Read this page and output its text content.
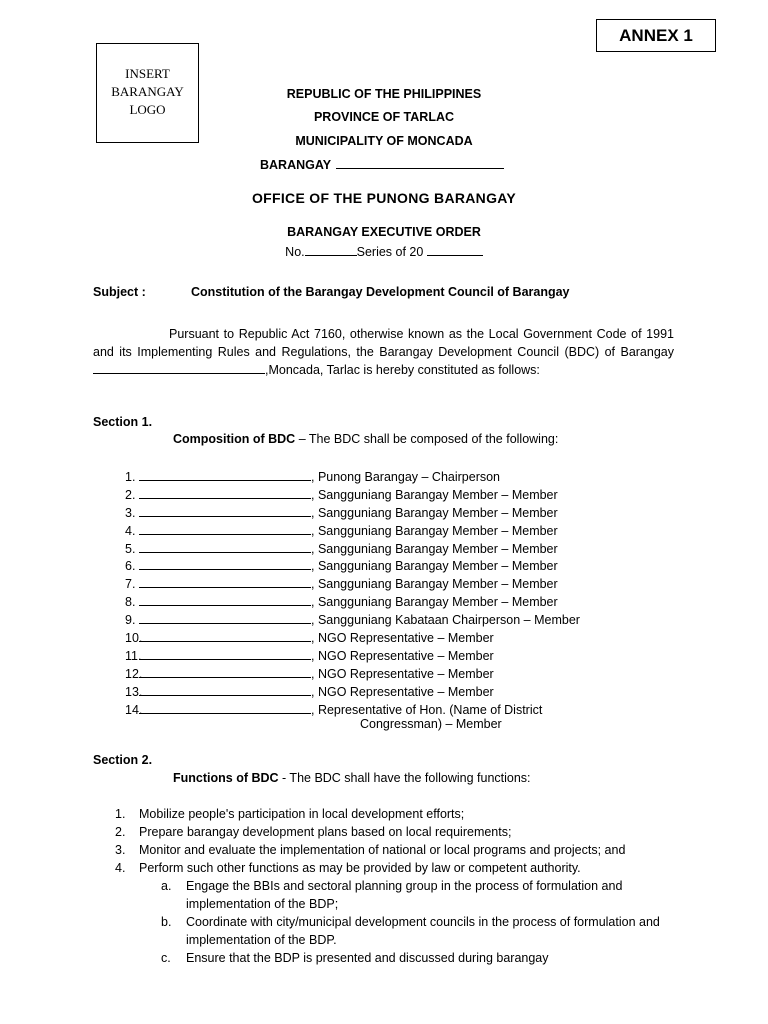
ANNEX 1
INSERT
BARANGAY
LOGO
REPUBLIC OF THE PHILIPPINES
PROVINCE OF TARLAC
MUNICIPALITY OF MONCADA
BARANGAY
OFFICE OF THE PUNONG BARANGAY
BARANGAY EXECUTIVE ORDER
No.	Series of 20
Subject :	Constitution of the Barangay Development Council of Barangay
Pursuant to Republic Act 7160, otherwise known as the Local Government Code of 1991 and its Implementing Rules and Regulations, the Barangay Development Council (BDC) of Barangay,Moncada, Tarlac is hereby constituted as follows:
Section 1.
Composition of BDC – The BDC shall be composed of the following:
1.	, Punong Barangay – Chairperson
2.	, Sangguniang Barangay Member – Member
3.	, Sangguniang Barangay Member – Member
4.	, Sangguniang Barangay Member – Member
5.	, Sangguniang Barangay Member – Member
6.	, Sangguniang Barangay Member – Member
7.	, Sangguniang Barangay Member – Member
8.	, Sangguniang Barangay Member – Member
9.	, Sangguniang Kabataan Chairperson – Member
10.	, NGO Representative – Member
11.	, NGO Representative – Member
12.	, NGO Representative – Member
13.	, NGO Representative – Member
14.	, Representative of Hon. (Name of District
Congressman) – Member
Section 2.
Functions of BDC - The BDC shall have the following functions:
1. Mobilize people's participation in local development efforts;
2. Prepare barangay development plans based on local requirements;
3. Monitor and evaluate the implementation of national or local programs and projects; and
4. Perform such other functions as may be provided by law or competent authority.
a. Engage the BBIs and sectoral planning group in the process of formulation and implementation of the BDP;
b. Coordinate with city/municipal development councils in the process of formulation and implementation of the BDP.
c. Ensure that the BDP is presented and discussed during barangay
